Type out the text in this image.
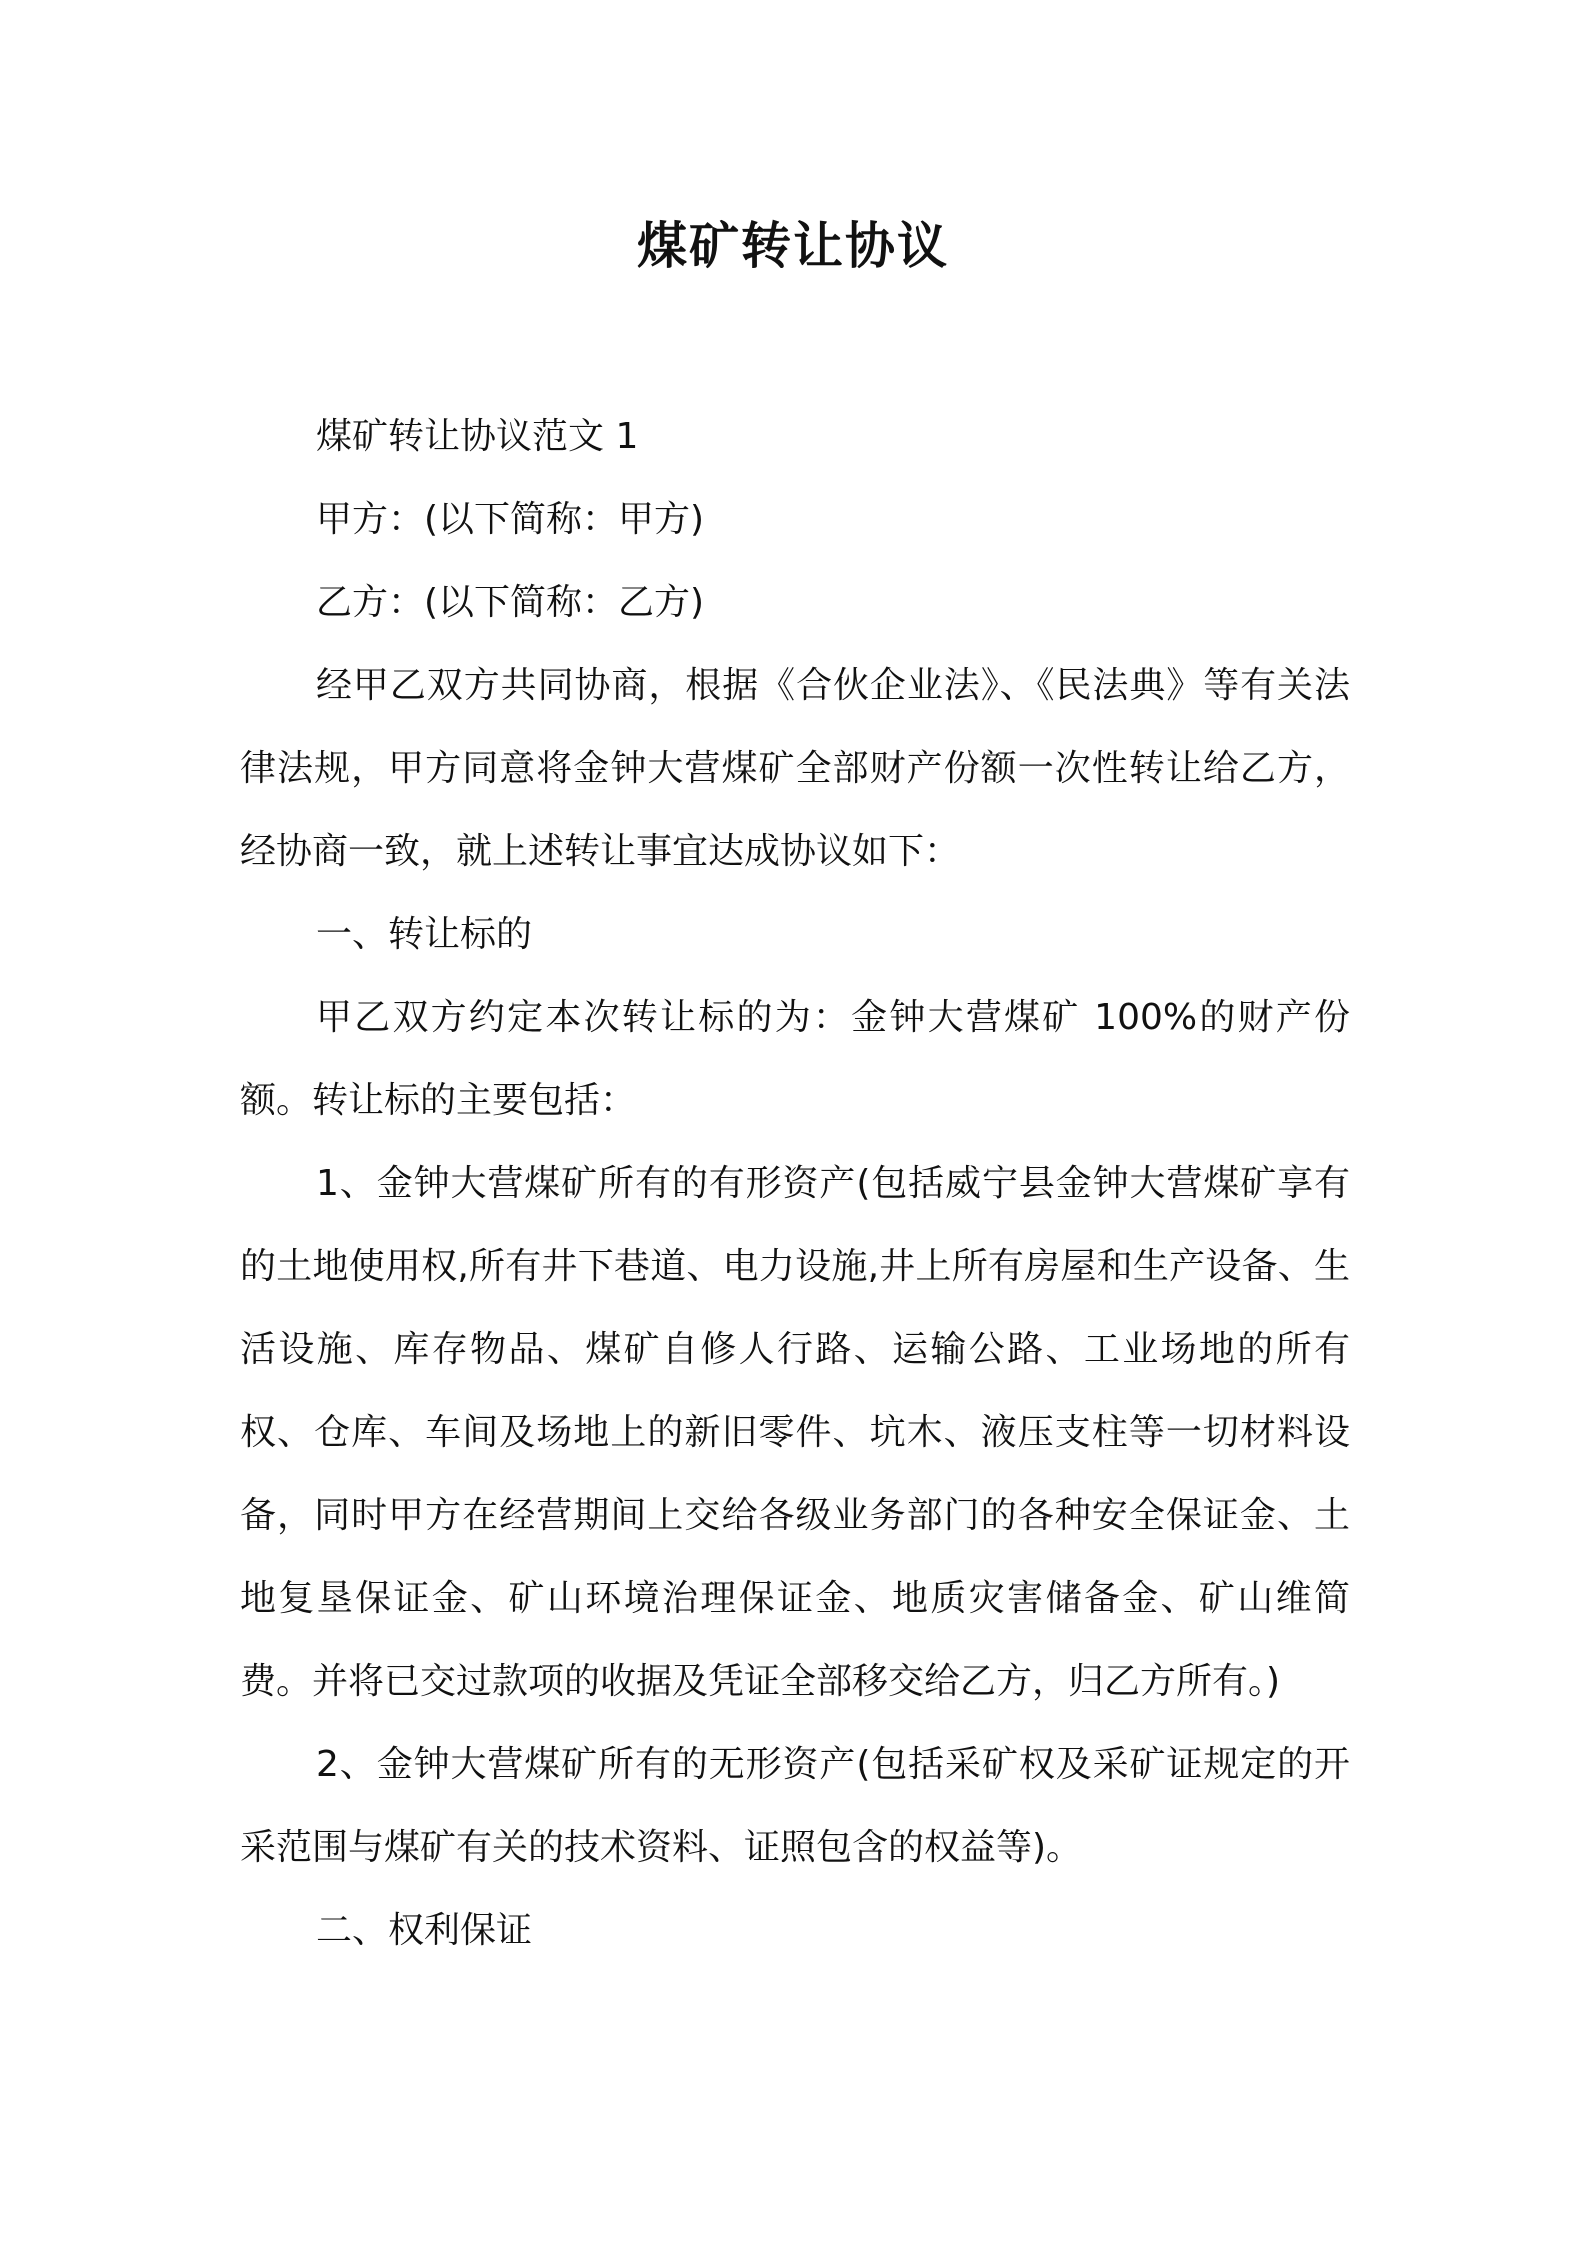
煤矿转让协议

煤矿转让协议范文 1

甲方：(以下简称：甲方)

乙方：(以下简称：乙方)

经甲乙双方共同协商，根据《合伙企业法》、《民法典》等有关法律法规，甲方同意将金钟大营煤矿全部财产份额一次性转让给乙方，经协商一致，就上述转让事宜达成协议如下：

一、转让标的

甲乙双方约定本次转让标的为：金钟大营煤矿 100%的财产份额。转让标的主要包括：

1、金钟大营煤矿所有的有形资产(包括威宁县金钟大营煤矿享有的土地使用权,所有井下巷道、电力设施,井上所有房屋和生产设备、生活设施、库存物品、煤矿自修人行路、运输公路、工业场地的所有权、仓库、车间及场地上的新旧零件、坑木、液压支柱等一切材料设备，同时甲方在经营期间上交给各级业务部门的各种安全保证金、土地复垦保证金、矿山环境治理保证金、地质灾害储备金、矿山维简费。并将已交过款项的收据及凭证全部移交给乙方，归乙方所有。)

2、金钟大营煤矿所有的无形资产(包括采矿权及采矿证规定的开采范围与煤矿有关的技术资料、证照包含的权益等)。

二、权利保证
